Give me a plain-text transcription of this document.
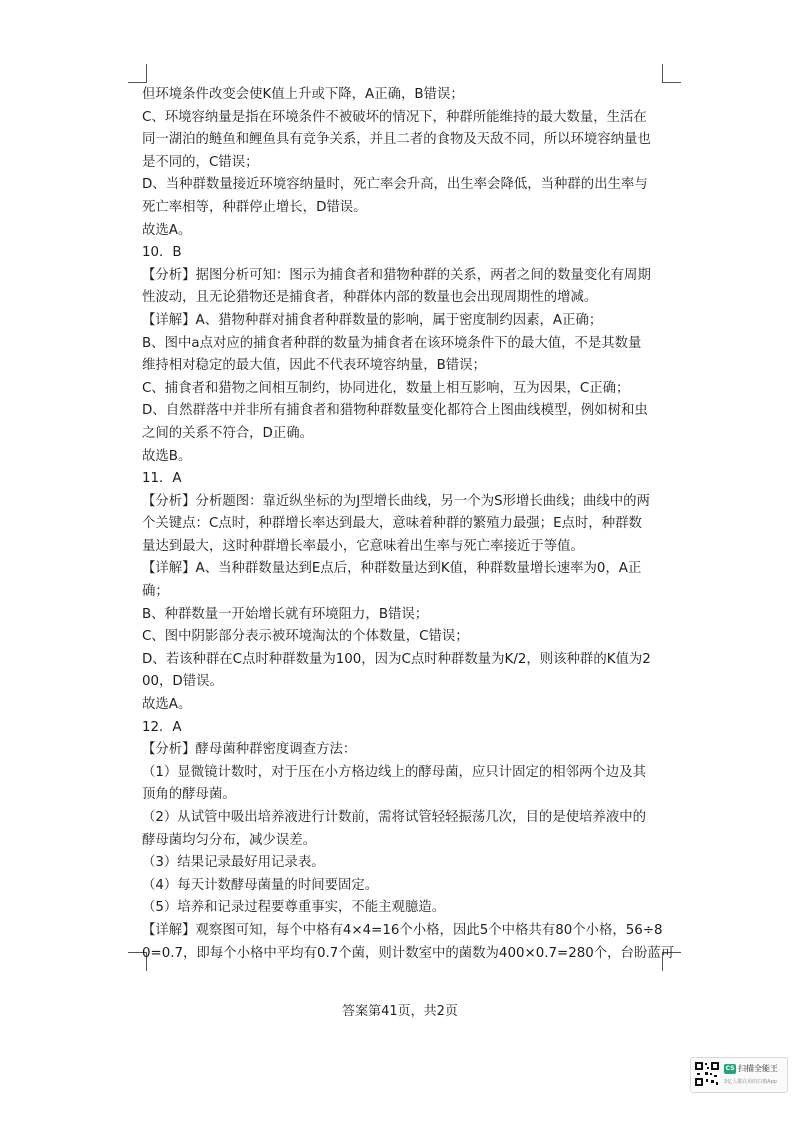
但环境条件改变会使K值上升或下降，A正确，B错误；

C、环境容纳量是指在环境条件不被破坏的情况下，种群所能维持的最大数量，生活在

同一湖泊的鲢鱼和鲤鱼具有竞争关系，并且二者的食物及天敌不同，所以环境容纳量也

是不同的，C错误；

D、当种群数量接近环境容纳量时，死亡率会升高，出生率会降低，当种群的出生率与

死亡率相等，种群停止增长，D错误。

故选A。

10．B

【分析】据图分析可知：图示为捕食者和猎物种群的关系，两者之间的数量变化有周期

性波动，且无论猎物还是捕食者，种群体内部的数量也会出现周期性的增减。

【详解】A、猎物种群对捕食者种群数量的影响，属于密度制约因素，A正确；

B、图中a点对应的捕食者种群的数量为捕食者在该环境条件下的最大值，不是其数量

维持相对稳定的最大值，因此不代表环境容纳量，B错误；

C、捕食者和猎物之间相互制约，协同进化，数量上相互影响，互为因果，C正确；

D、自然群落中并非所有捕食者和猎物种群数量变化都符合上图曲线模型，例如树和虫

之间的关系不符合，D正确。

故选B。

11．A

【分析】分析题图：靠近纵坐标的为J型增长曲线，另一个为S形增长曲线；曲线中的两

个关键点：C点时，种群增长率达到最大，意味着种群的繁殖力最强；E点时，种群数

量达到最大，这时种群增长率最小，它意味着出生率与死亡率接近于等值。

【详解】A、当种群数量达到E点后，种群数量达到K值，种群数量增长速率为0，A正

确；

B、种群数量一开始增长就有环境阻力，B错误；

C、图中阴影部分表示被环境淘汰的个体数量，C错误；

D、若该种群在C点时种群数量为100，因为C点时种群数量为K/2，则该种群的K值为2

00，D错误。

故选A。

12．A

【分析】酵母菌种群密度调查方法：

（1）显微镜计数时，对于压在小方格边线上的酵母菌，应只计固定的相邻两个边及其

顶角的酵母菌。

（2）从试管中吸出培养液进行计数前，需将试管轻轻振荡几次，目的是使培养液中的

酵母菌均匀分布，减少误差。

（3）结果记录最好用记录表。

（4）每天计数酵母菌量的时间要固定。

（5）培养和记录过程要尊重事实，不能主观臆造。

【详解】观察图可知，每个中格有4×4=16个小格，因此5个中格共有80个小格，56÷8

0=0.7，即每个小格中平均有0.7个菌，则计数室中的菌数为400×0.7=280个，台盼蓝可

答案第41页，共2页
CS 扫描全能王
3亿人都在用的扫描App
